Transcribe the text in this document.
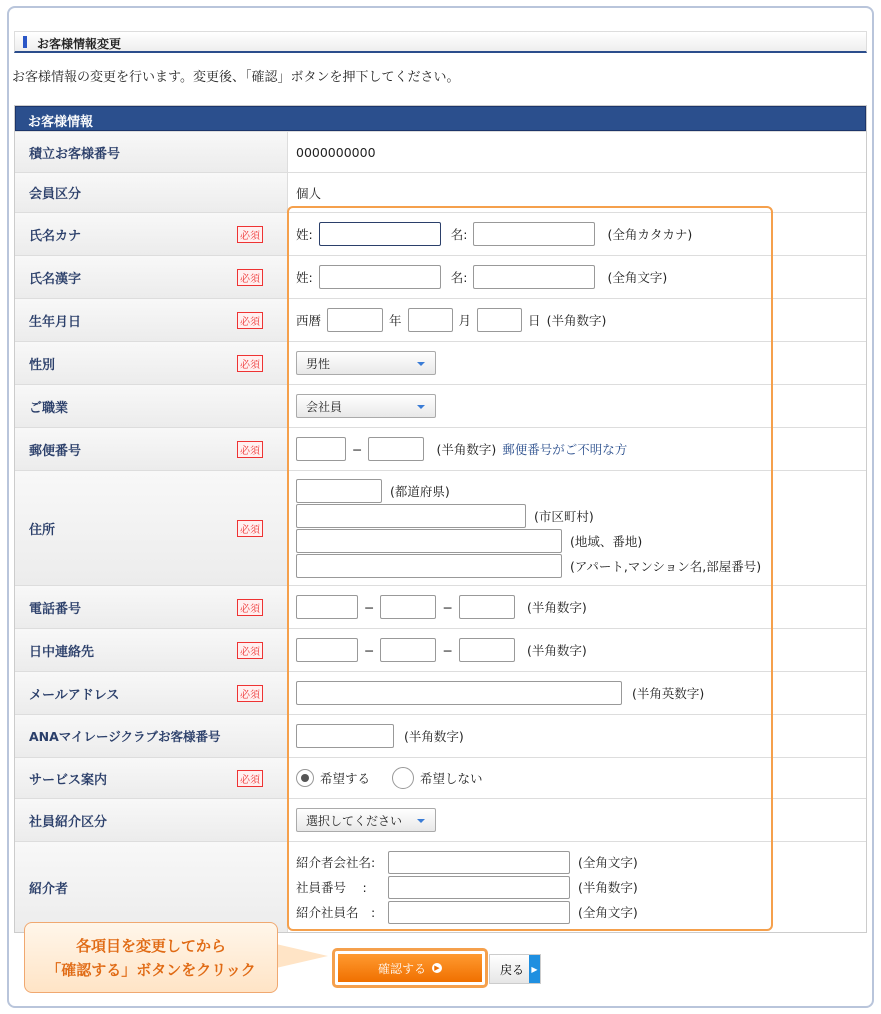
お客様情報変更
お客様情報の変更を行います。変更後、「確認」ボタンを押下してください。
お客様情報
積立お客様番号	0000000000
会員区分	個人
氏名カナ	必須	姓:	名:	(全角カタカナ)
氏名漢字	必須	姓:	名:	(全角文字)
生年月日	必須	西暦	年	月	日 (半角数字)
性別	必須	男性
ご職業	会社員
郵便番号	必須	−	(半角数字) 郵便番号がご不明な方
住所	必須
(都道府県)
(市区町村)
(地域、番地)
(アパート,マンション名,部屋番号)
電話番号	必須	−	−	(半角数字)
日中連絡先	必須	−	−	(半角数字)
メールアドレス	必須	(半角英数字)
ANAマイレージクラブお客様番号	(半角数字)
サービス案内	必須	希望する	希望しない
社員紹介区分	選択してください
紹介者
紹介者会社名:	(全角文字)
社員番号　 :	(半角数字)
紹介社員名　:	(全角文字)
各項目を変更してから
「確認する」ボタンをクリック	確認する	▶	戻る ▶
